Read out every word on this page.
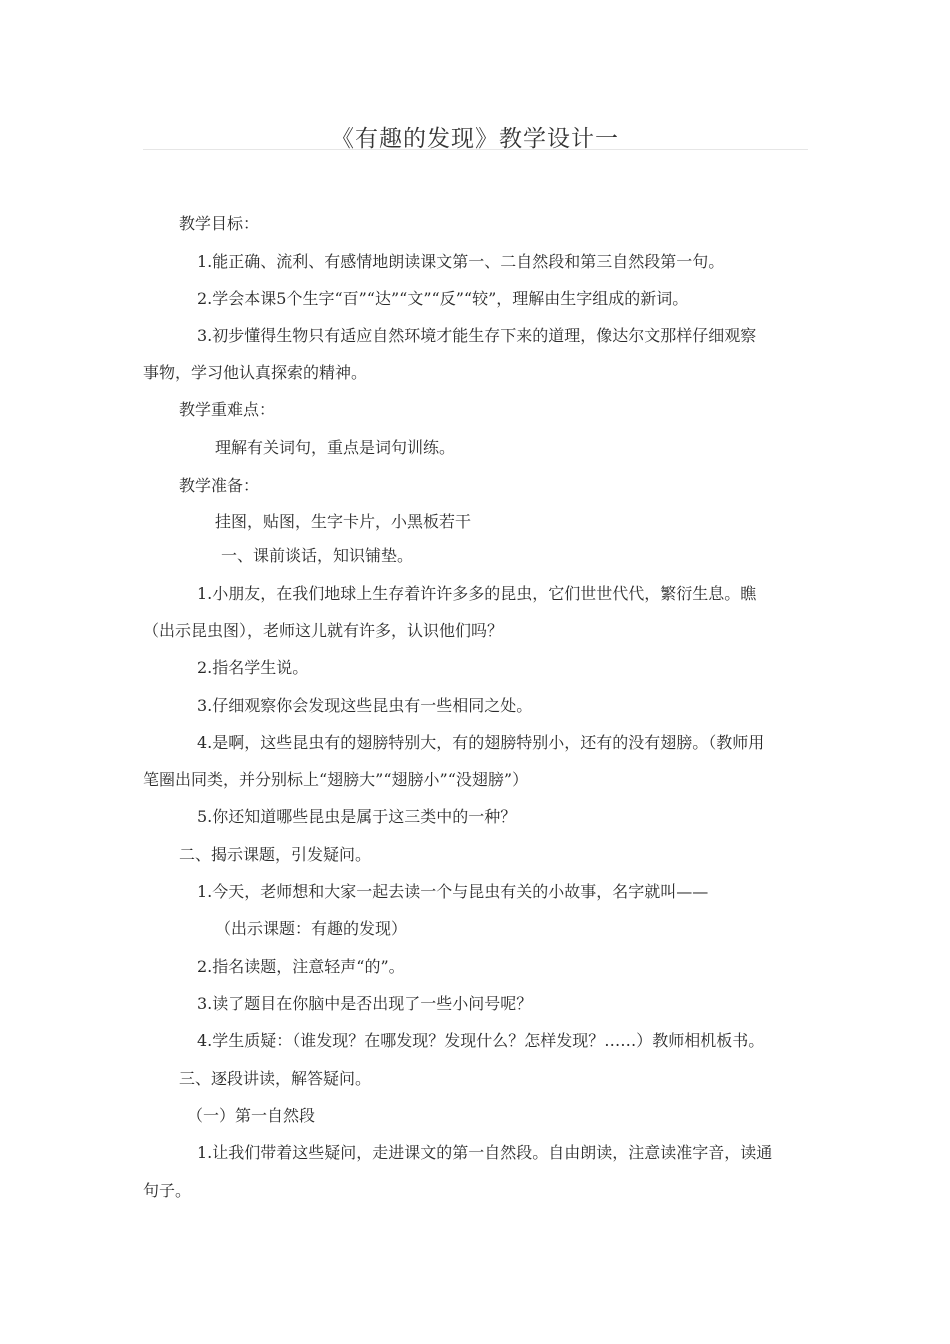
《有趣的发现》教学设计一
教学目标：
1.能正确、流利、有感情地朗读课文第一、二自然段和第三自然段第一句。
2.学会本课5个生字“百”“达”“文”“反”“较”，理解由生字组成的新词。
3.初步懂得生物只有适应自然环境才能生存下来的道理，像达尔文那样仔细观察
事物，学习他认真探索的精神。
教学重难点：
理解有关词句，重点是词句训练。
教学准备：
挂图，贴图，生字卡片，小黑板若干
一、课前谈话，知识铺垫。
1.小朋友，在我们地球上生存着许许多多的昆虫，它们世世代代，繁衍生息。瞧
（出示昆虫图），老师这儿就有许多，认识他们吗？
2.指名学生说。
3.仔细观察你会发现这些昆虫有一些相同之处。
4.是啊，这些昆虫有的翅膀特别大，有的翅膀特别小，还有的没有翅膀。（教师用
笔圈出同类，并分别标上“翅膀大”“翅膀小”“没翅膀”）
5.你还知道哪些昆虫是属于这三类中的一种？
二、揭示课题，引发疑问。
1.今天，老师想和大家一起去读一个与昆虫有关的小故事，名字就叫——
（出示课题：有趣的发现）
2.指名读题，注意轻声“的”。
3.读了题目在你脑中是否出现了一些小问号呢？
4.学生质疑：（谁发现？在哪发现？发现什么？怎样发现？……）教师相机板书。
三、逐段讲读，解答疑问。
（一）第一自然段
1.让我们带着这些疑问，走进课文的第一自然段。自由朗读，注意读准字音，读通
句子。
